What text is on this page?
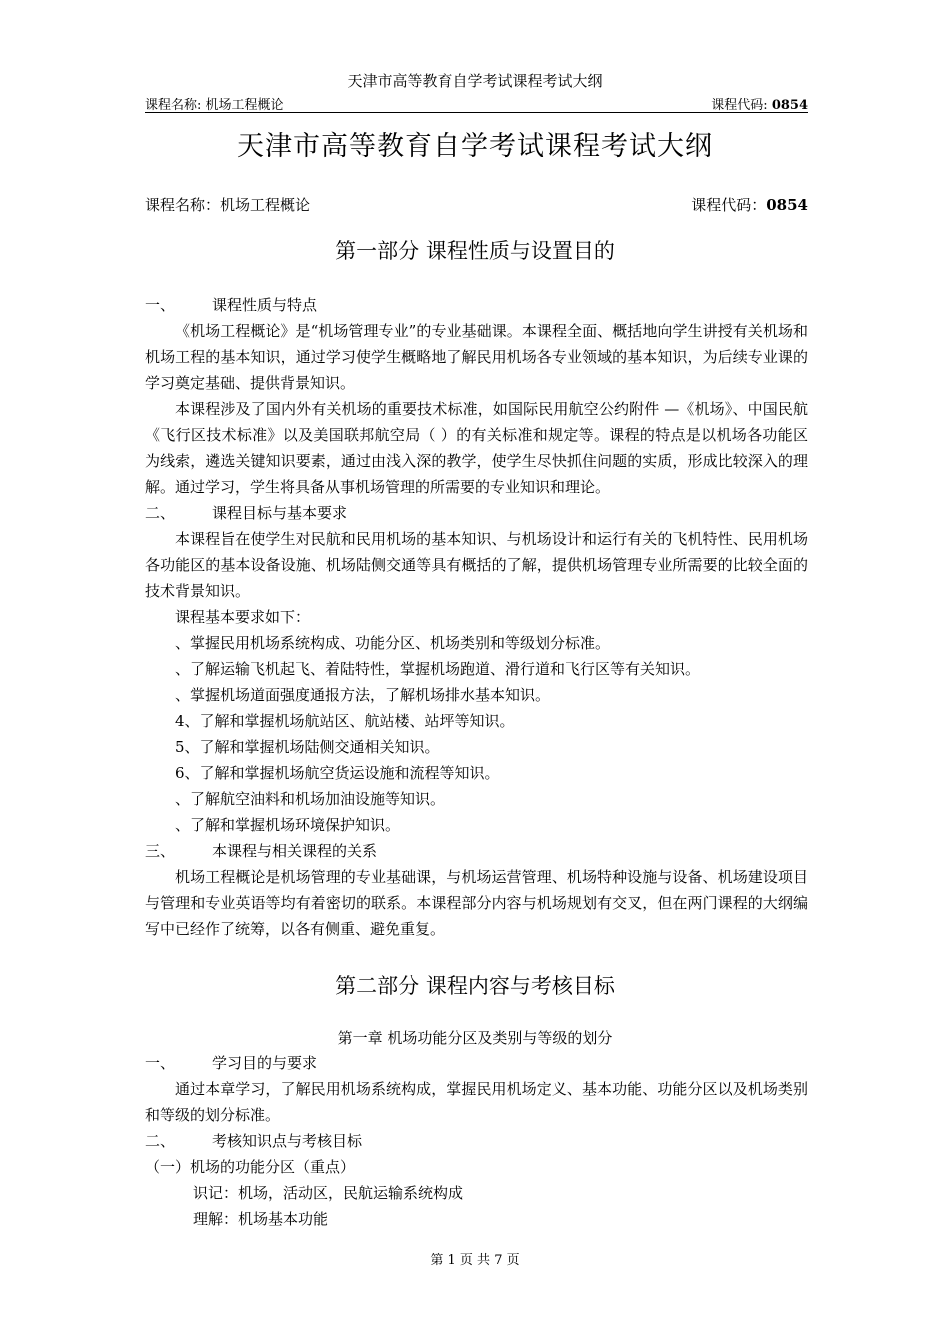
天津市高等教育自学考试课程考试大纲
课程名称: 机场工程概论	课程代码: 0854
天津市高等教育自学考试课程考试大纲
课程名称：机场工程概论	课程代码：0854
第一部分 课程性质与设置目的
一、	课程性质与特点

《机场工程概论》是“机场管理专业”的专业基础课。本课程全面、概括地向学生讲授有关机场和机场工程的基本知识，通过学习使学生概略地了解民用机场各专业领域的基本知识，为后续专业课的学习奠定基础、提供背景知识。

本课程涉及了国内外有关机场的重要技术标准，如国际民用航空公约附件 —《机场》、中国民航《飞行区技术标准》以及美国联邦航空局（ ）的有关标准和规定等。课程的特点是以机场各功能区为线索，遴选关键知识要素，通过由浅入深的教学，使学生尽快抓住问题的实质，形成比较深入的理解。通过学习，学生将具备从事机场管理的所需要的专业知识和理论。

二、	课程目标与基本要求

本课程旨在使学生对民航和民用机场的基本知识、与机场设计和运行有关的飞机特性、民用机场各功能区的基本设备设施、机场陆侧交通等具有概括的了解，提供机场管理专业所需要的比较全面的技术背景知识。

课程基本要求如下：

、掌握民用机场系统构成、功能分区、机场类别和等级划分标准。
、了解运输飞机起飞、着陆特性，掌握机场跑道、滑行道和飞行区等有关知识。
、掌握机场道面强度通报方法，了解机场排水基本知识。
4、了解和掌握机场航站区、航站楼、站坪等知识。
5、了解和掌握机场陆侧交通相关知识。
6、了解和掌握机场航空货运设施和流程等知识。
、了解航空油料和机场加油设施等知识。
、了解和掌握机场环境保护知识。
三、	本课程与相关课程的关系

机场工程概论是机场管理的专业基础课，与机场运营管理、机场特种设施与设备、机场建设项目与管理和专业英语等均有着密切的联系。本课程部分内容与机场规划有交叉，但在两门课程的大纲编写中已经作了统筹，以各有侧重、避免重复。

第二部分 课程内容与考核目标
第一章 机场功能分区及类别与等级的划分
一、	学习目的与要求

通过本章学习，了解民用机场系统构成，掌握民用机场定义、基本功能、功能分区以及机场类别和等级的划分标准。

二、	考核知识点与考核目标
（一）机场的功能分区（重点）
识记：机场，活动区，民航运输系统构成
理解：机场基本功能
第 1 页 共 7 页
